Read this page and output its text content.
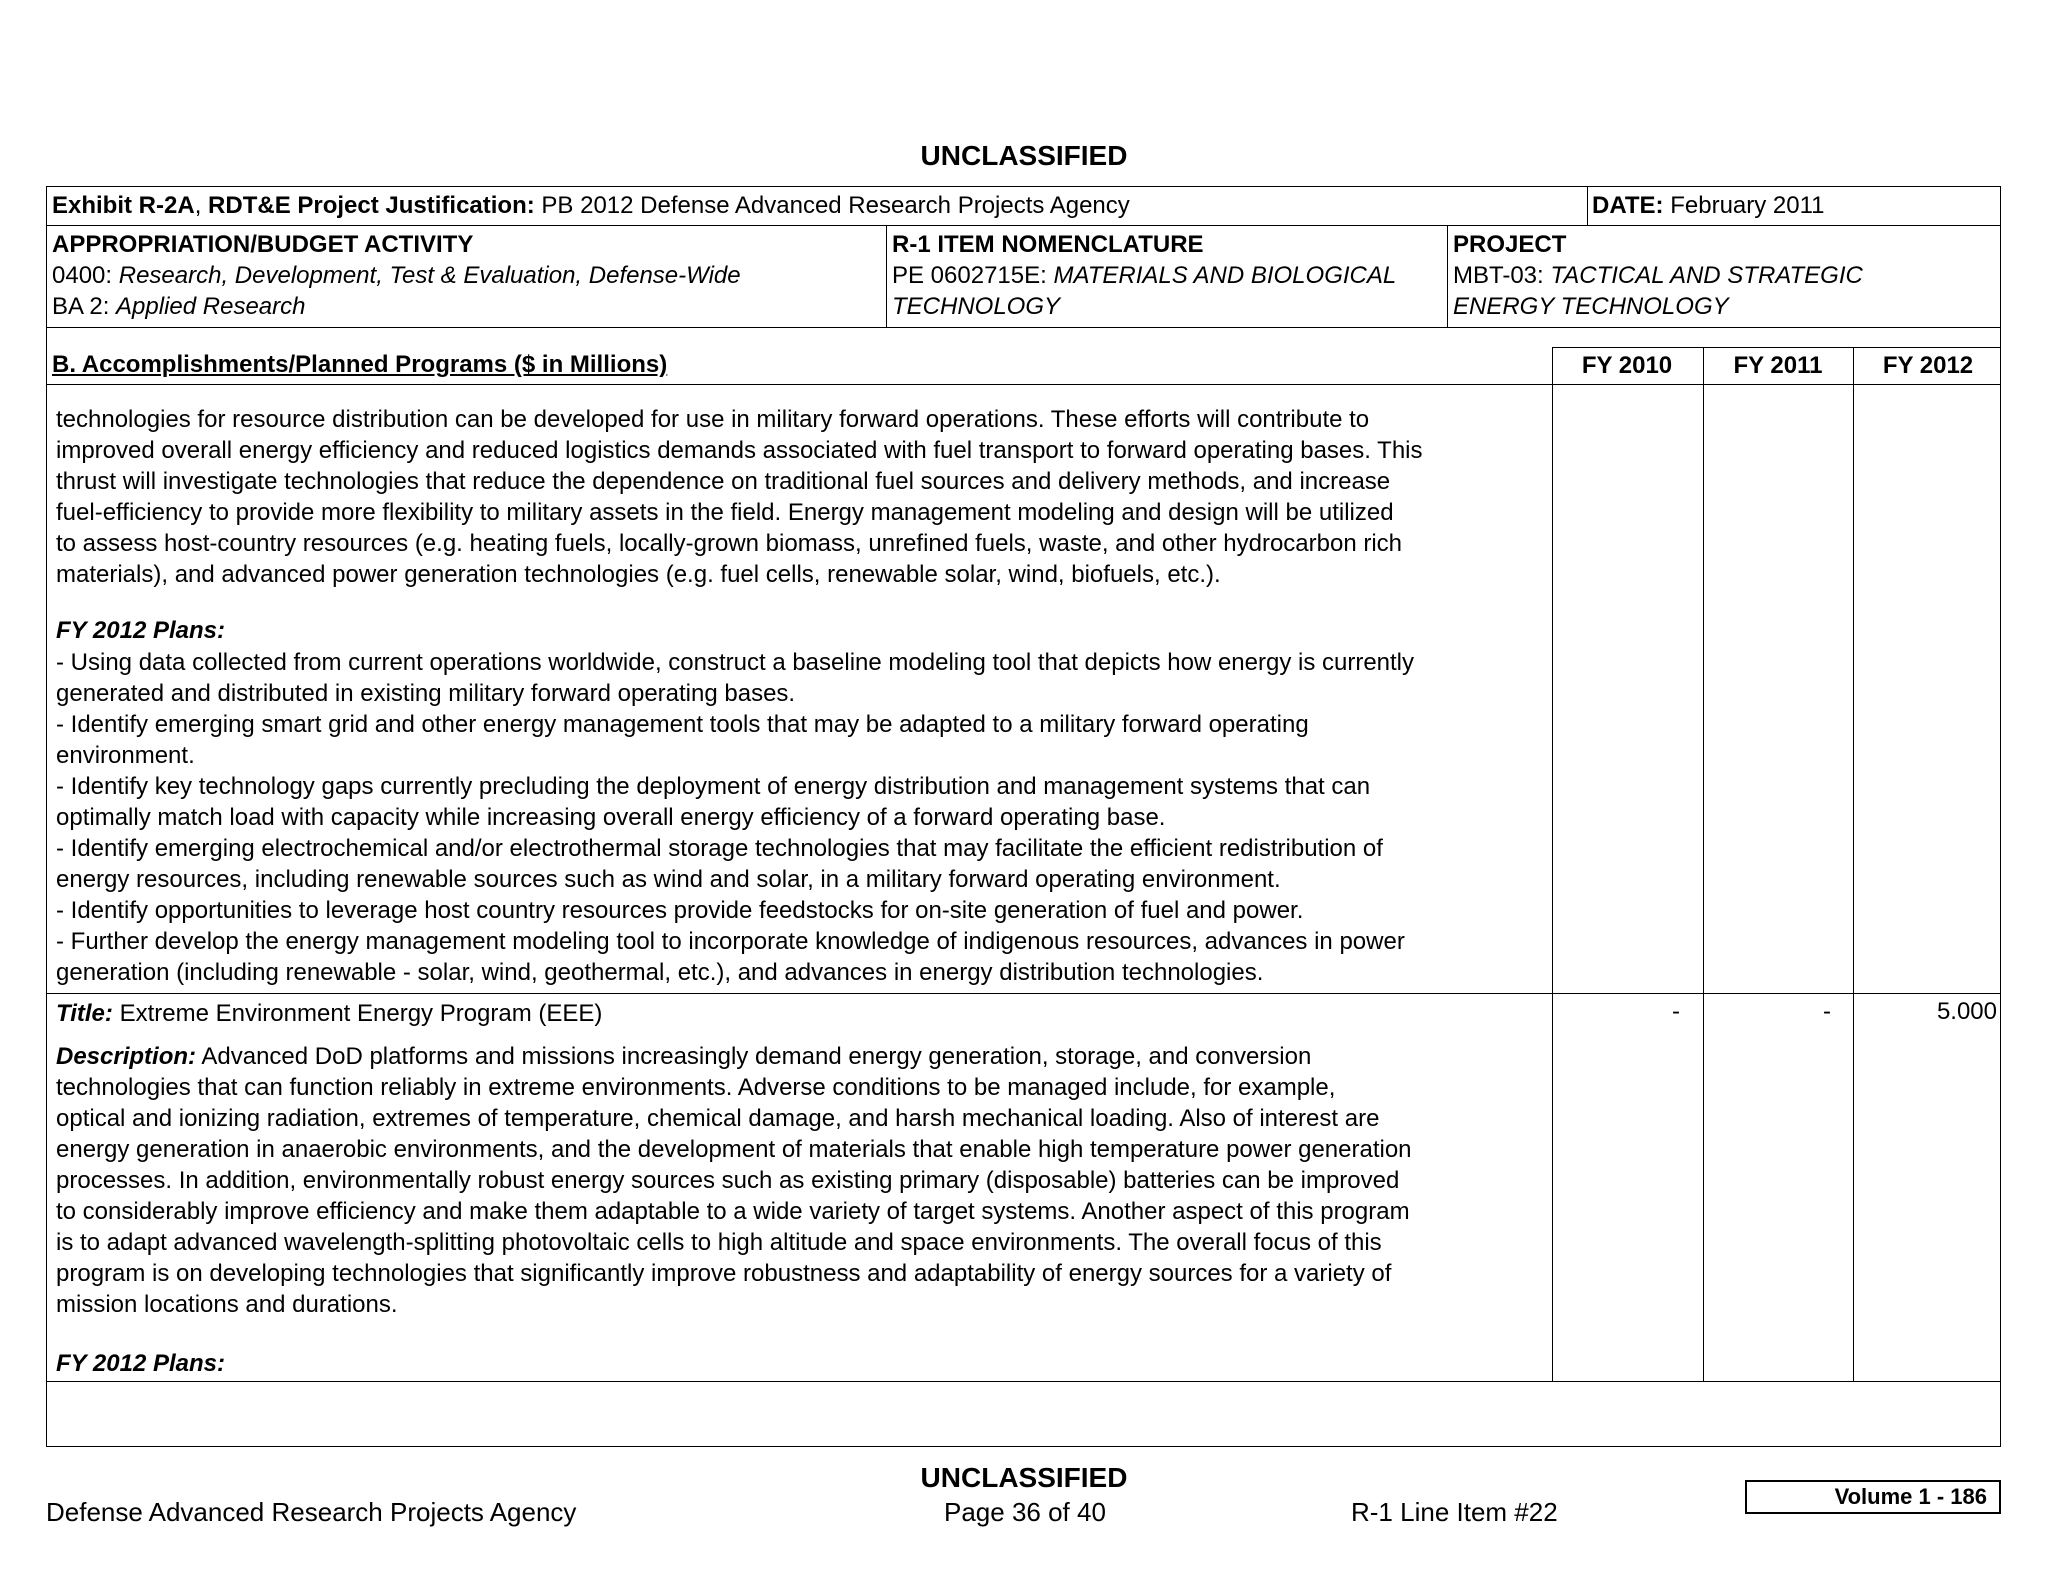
UNCLASSIFIED
Exhibit R-2A, RDT&E Project Justification: PB 2012 Defense Advanced Research Projects Agency	DATE: February 2011
APPROPRIATION/BUDGET ACTIVITY
0400: Research, Development, Test & Evaluation, Defense-Wide
BA 2: Applied Research
R-1 ITEM NOMENCLATURE
PE 0602715E: MATERIALS AND BIOLOGICAL
TECHNOLOGY
PROJECT
MBT-03: TACTICAL AND STRATEGIC
ENERGY TECHNOLOGY
B. Accomplishments/Planned Programs ($ in Millions)	FY 2010	FY 2011	FY 2012
technologies for resource distribution can be developed for use in military forward operations. These efforts will contribute to
improved overall energy efficiency and reduced logistics demands associated with fuel transport to forward operating bases. This
thrust will investigate technologies that reduce the dependence on traditional fuel sources and delivery methods, and increase
fuel-efficiency to provide more flexibility to military assets in the field. Energy management modeling and design will be utilized
to assess host-country resources (e.g. heating fuels, locally-grown biomass, unrefined fuels, waste, and other hydrocarbon rich
materials), and advanced power generation technologies (e.g. fuel cells, renewable solar, wind, biofuels, etc.).
FY 2012 Plans:
- Using data collected from current operations worldwide, construct a baseline modeling tool that depicts how energy is currently
generated and distributed in existing military forward operating bases.
- Identify emerging smart grid and other energy management tools that may be adapted to a military forward operating
environment.
- Identify key technology gaps currently precluding the deployment of energy distribution and management systems that can
optimally match load with capacity while increasing overall energy efficiency of a forward operating base.
- Identify emerging electrochemical and/or electrothermal storage technologies that may facilitate the efficient redistribution of
energy resources, including renewable sources such as wind and solar, in a military forward operating environment.
- Identify opportunities to leverage host country resources provide feedstocks for on-site generation of fuel and power.
- Further develop the energy management modeling tool to incorporate knowledge of indigenous resources, advances in power
generation (including renewable - solar, wind, geothermal, etc.), and advances in energy distribution technologies.
Title: Extreme Environment Energy Program (EEE)	-	-	5.000
Description: Advanced DoD platforms and missions increasingly demand energy generation, storage, and conversion
technologies that can function reliably in extreme environments. Adverse conditions to be managed include, for example,
optical and ionizing radiation, extremes of temperature, chemical damage, and harsh mechanical loading. Also of interest are
energy generation in anaerobic environments, and the development of materials that enable high temperature power generation
processes. In addition, environmentally robust energy sources such as existing primary (disposable) batteries can be improved
to considerably improve efficiency and make them adaptable to a wide variety of target systems. Another aspect of this program
is to adapt advanced wavelength-splitting photovoltaic cells to high altitude and space environments. The overall focus of this
program is on developing technologies that significantly improve robustness and adaptability of energy sources for a variety of
mission locations and durations.
FY 2012 Plans:
UNCLASSIFIED
Defense Advanced Research Projects Agency	Page 36 of 40	R-1 Line Item #22
Volume 1 - 186
